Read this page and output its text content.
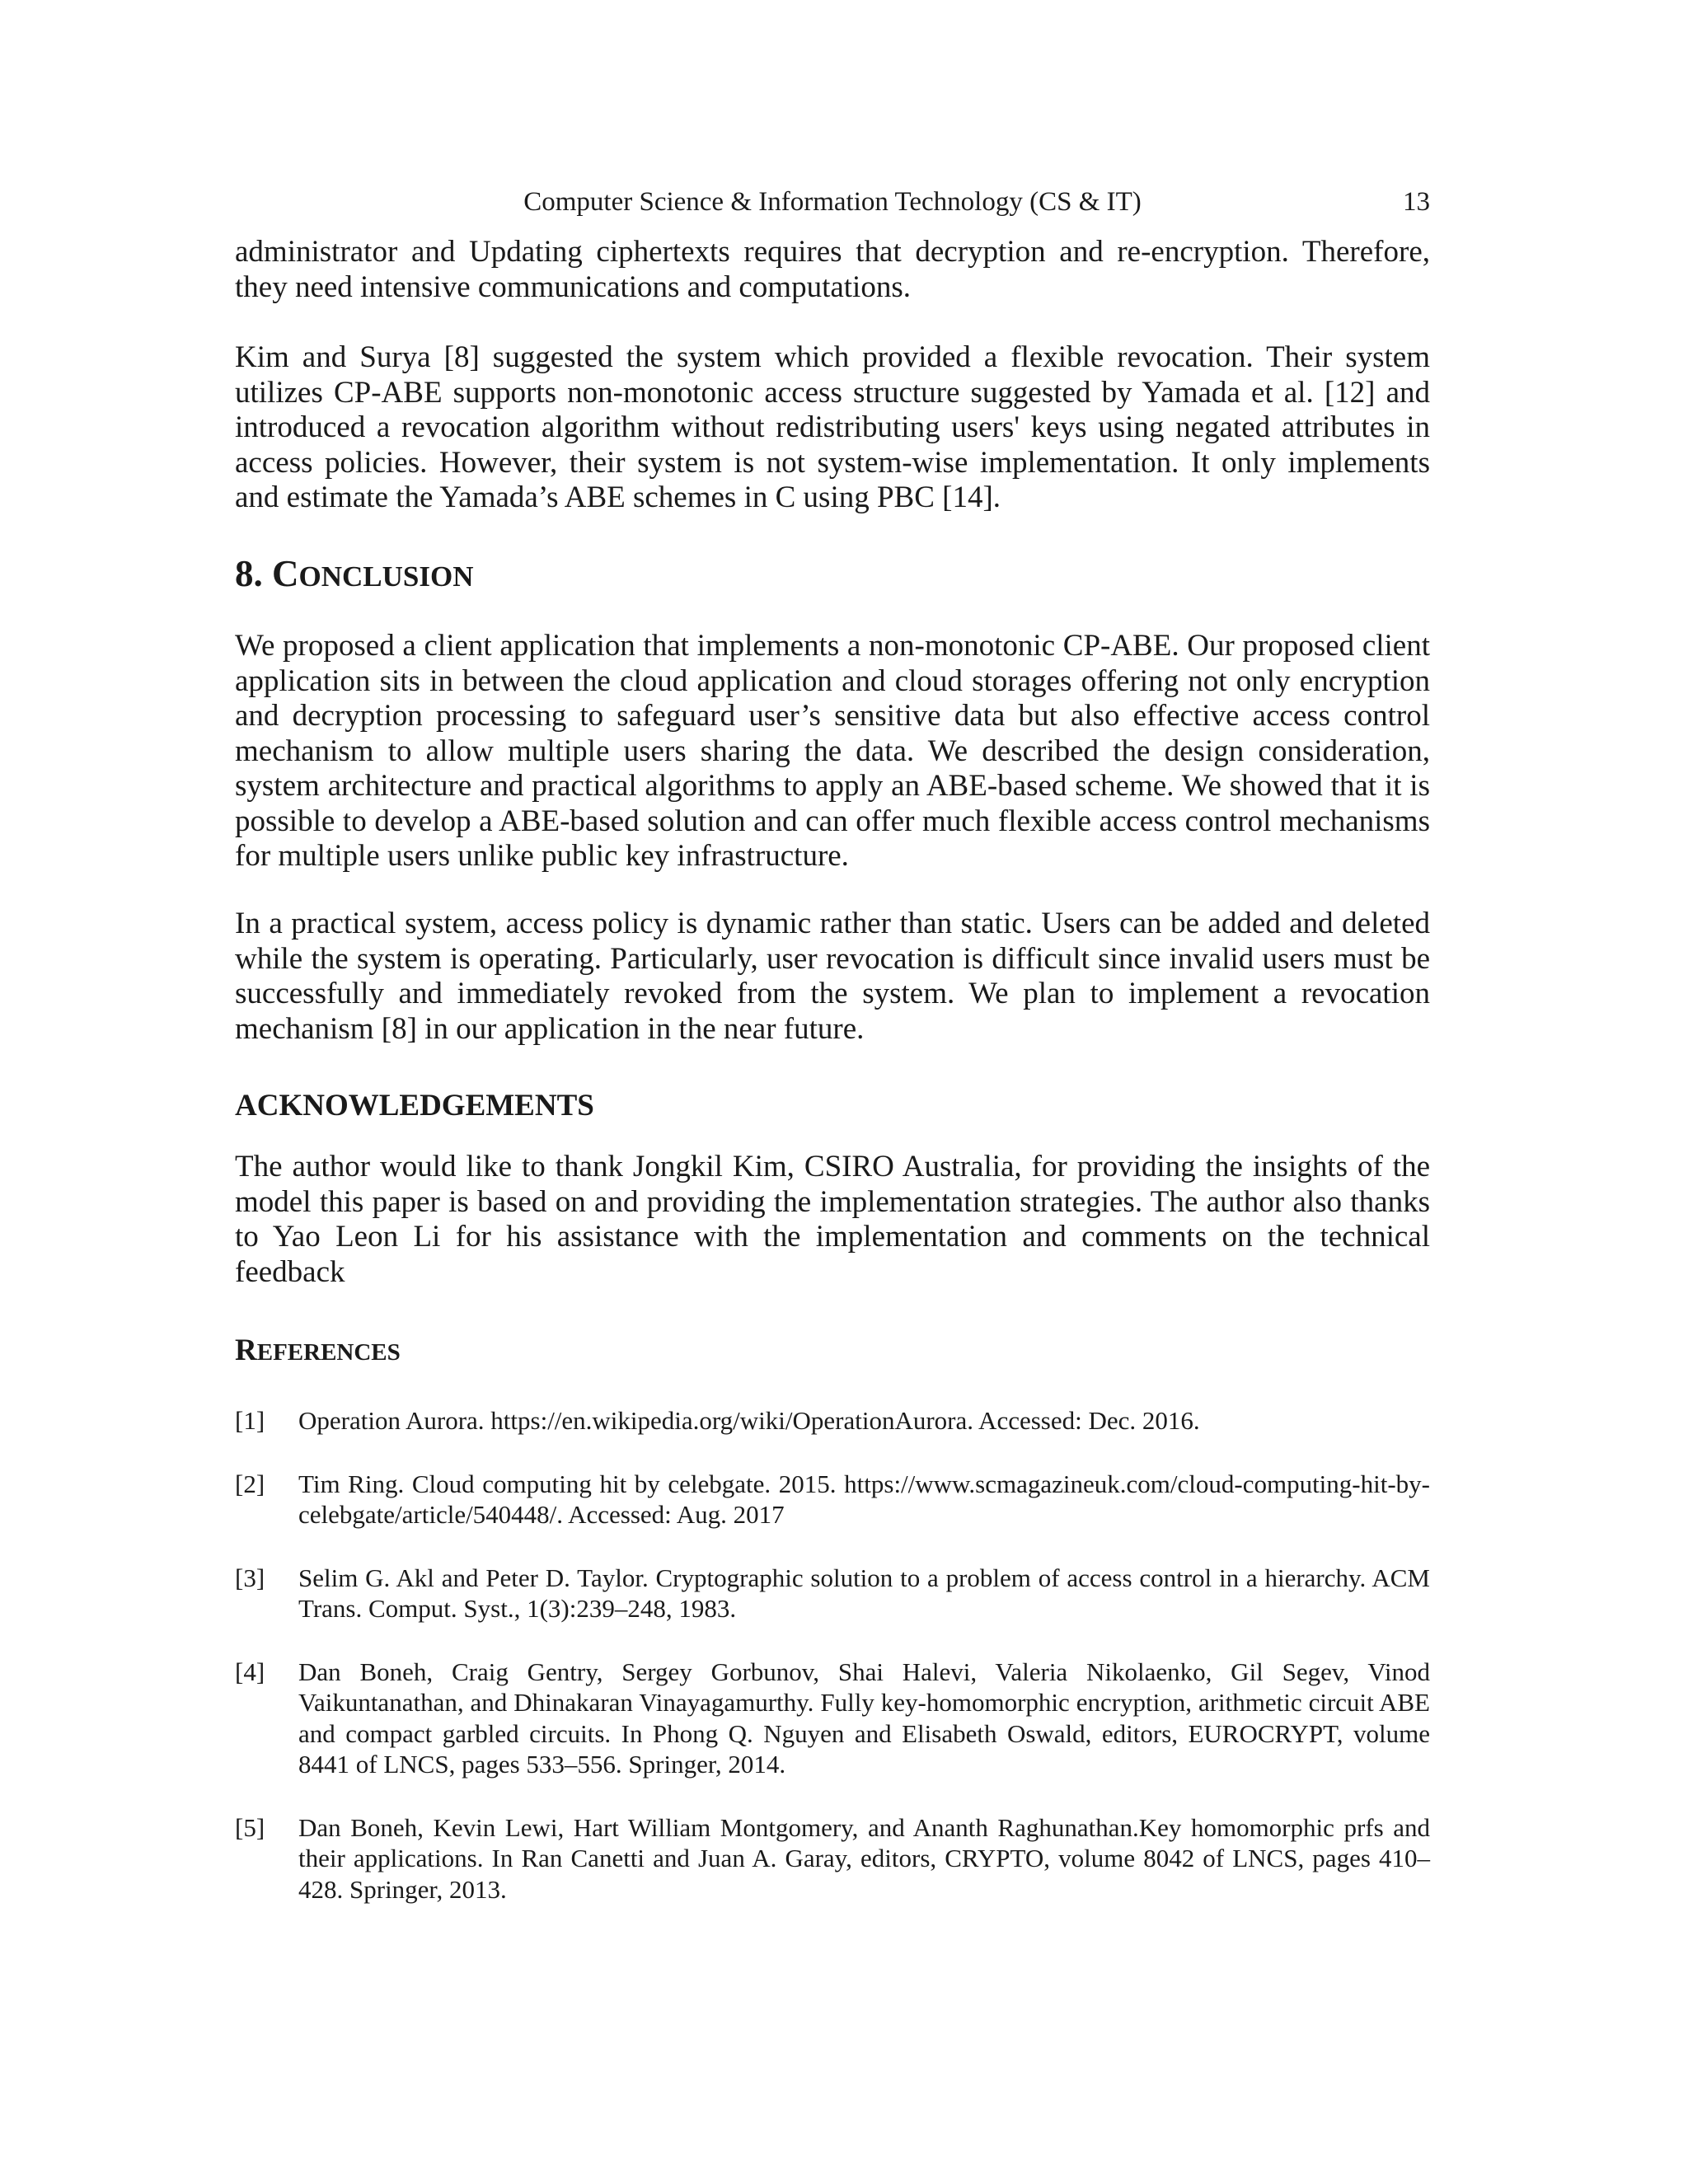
Computer Science & Information Technology (CS & IT)	13

administrator and Updating ciphertexts requires that decryption and re-encryption. Therefore, they need intensive communications and computations.

Kim and Surya [8] suggested the system which provided a flexible revocation. Their system utilizes CP-ABE supports non-monotonic access structure suggested by Yamada et al. [12] and introduced a revocation algorithm without redistributing users' keys using negated attributes in access policies. However, their system is not system-wise implementation. It only implements and estimate the Yamada’s ABE schemes in C using PBC [14].

8. CONCLUSION

We proposed a client application that implements a non-monotonic CP-ABE. Our proposed client application sits in between the cloud application and cloud storages offering not only encryption and decryption processing to safeguard user’s sensitive data but also effective access control mechanism to allow multiple users sharing the data. We described the design consideration, system architecture and practical algorithms to apply an ABE-based scheme. We showed that it is possible to develop a ABE-based solution and can offer much flexible access control mechanisms for multiple users unlike public key infrastructure.

In a practical system, access policy is dynamic rather than static. Users can be added and deleted while the system is operating. Particularly, user revocation is difficult since invalid users must be successfully and immediately revoked from the system. We plan to implement a revocation mechanism [8] in our application in the near future.

ACKNOWLEDGEMENTS

The author would like to thank Jongkil Kim, CSIRO Australia, for providing the insights of the model this paper is based on and providing the implementation strategies. The author also thanks to Yao Leon Li for his assistance with the implementation and comments on the technical feedback

REFERENCES
[1] Operation Aurora. https://en.wikipedia.org/wiki/OperationAurora. Accessed: Dec. 2016.
[2] Tim Ring. Cloud computing hit by celebgate. 2015. https://www.scmagazineuk.com/cloud-computing-hit-by-celebgate/article/540448/. Accessed: Aug. 2017
[3] Selim G. Akl and Peter D. Taylor. Cryptographic solution to a problem of access control in a hierarchy. ACM Trans. Comput. Syst., 1(3):239–248, 1983.
[4] Dan Boneh, Craig Gentry, Sergey Gorbunov, Shai Halevi, Valeria Nikolaenko, Gil Segev, Vinod Vaikuntanathan, and Dhinakaran Vinayagamurthy. Fully key-homomorphic encryption, arithmetic circuit ABE and compact garbled circuits. In Phong Q. Nguyen and Elisabeth Oswald, editors, EUROCRYPT, volume 8441 of LNCS, pages 533–556. Springer, 2014.
[5] Dan Boneh, Kevin Lewi, Hart William Montgomery, and Ananth Raghunathan.Key homomorphic prfs and their applications. In Ran Canetti and Juan A. Garay, editors, CRYPTO, volume 8042 of LNCS, pages 410–428. Springer, 2013.
